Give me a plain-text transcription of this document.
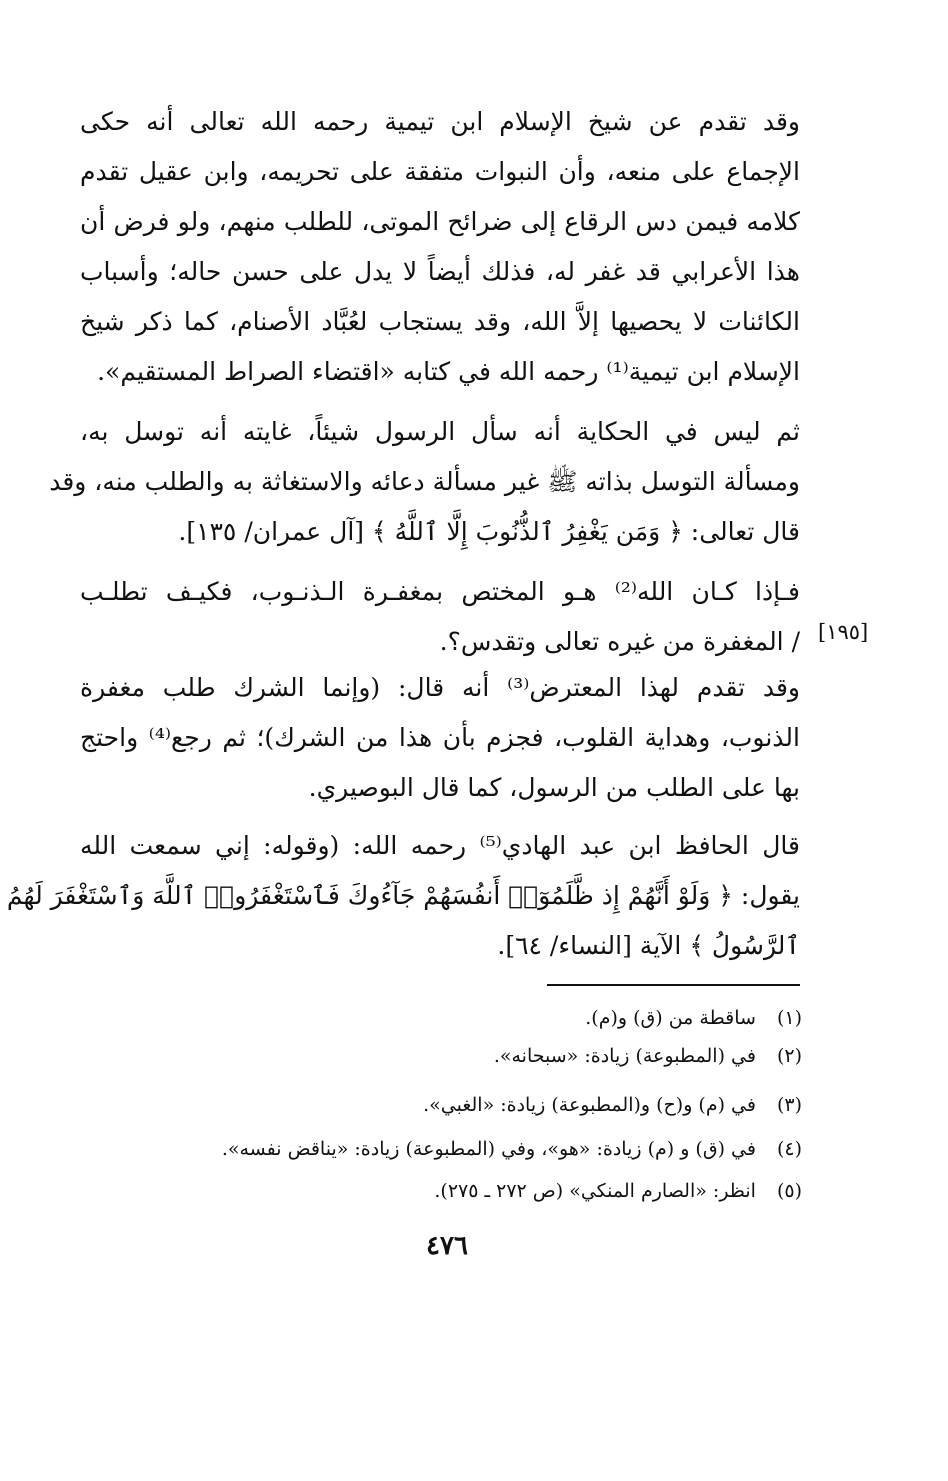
وقد تقدم عن شيخ الإسلام ابن تيمية رحمه الله تعالى أنه حكى
الإجماع على منعه، وأن النبوات متفقة على تحريمه، وابن عقيل تقدم
كلامه فيمن دس الرقاع إلى ضرائح الموتى، للطلب منهم، ولو فرض أن
هذا الأعرابي قد غفر له، فذلك أيضاً لا يدل على حسن حاله؛ وأسباب
الكائنات لا يحصيها إلاَّ الله، وقد يستجاب لعُبَّاد الأصنام، كما ذكر شيخ
الإسلام ابن تيمية⁽¹⁾ رحمه الله في كتابه «اقتضاء الصراط المستقيم».
ثم ليس في الحكاية أنه سأل الرسول شيئاً، غايته أنه توسل به،
ومسألة التوسل بذاته ﷺ غير مسألة دعائه والاستغاثة به والطلب منه، وقد
قال تعالى: ﴿ وَمَن يَغْفِرُ ٱلذُّنُوبَ إِلَّا ٱللَّهُ ﴾ [آل عمران/ ١٣٥].
فـإذا كـان الله⁽²⁾ هـو المختص بمغفـرة الـذنـوب، فكيـف تطلـب
/ المغفرة من غيره تعالى وتقدس؟. [١٩٥]
وقد تقدم لهذا المعترض⁽³⁾ أنه قال: (وإنما الشرك طلب مغفرة
الذنوب، وهداية القلوب، فجزم بأن هذا من الشرك)؛ ثم رجع⁽⁴⁾ واحتج
بها على الطلب من الرسول، كما قال البوصيري.
قال الحافظ ابن عبد الهادي⁽⁵⁾ رحمه الله: (وقوله: إني سمعت الله
يقول: ﴿ وَلَوْ أَنَّهُمْ إِذ ظَّلَمُوٓا۟ أَنفُسَهُمْ جَآءُوكَ فَٱسْتَغْفَرُوا۟ ٱللَّهَ وَٱسْتَغْفَرَ لَهُمُ
ٱلرَّسُولُ ﴾ الآية [النساء/ ٦٤].
(١) ساقطة من (ق) و(م).
(٢) في (المطبوعة) زيادة: «سبحانه».
(٣) في (م) و(ح) و(المطبوعة) زيادة: «الغبي».
(٤) في (ق) و (م) زيادة: «هو»، وفي (المطبوعة) زيادة: «يناقض نفسه».
(٥) انظر: «الصارم المنكي» (ص ٢٧٢ ـ ٢٧٥).
٤٧٦
